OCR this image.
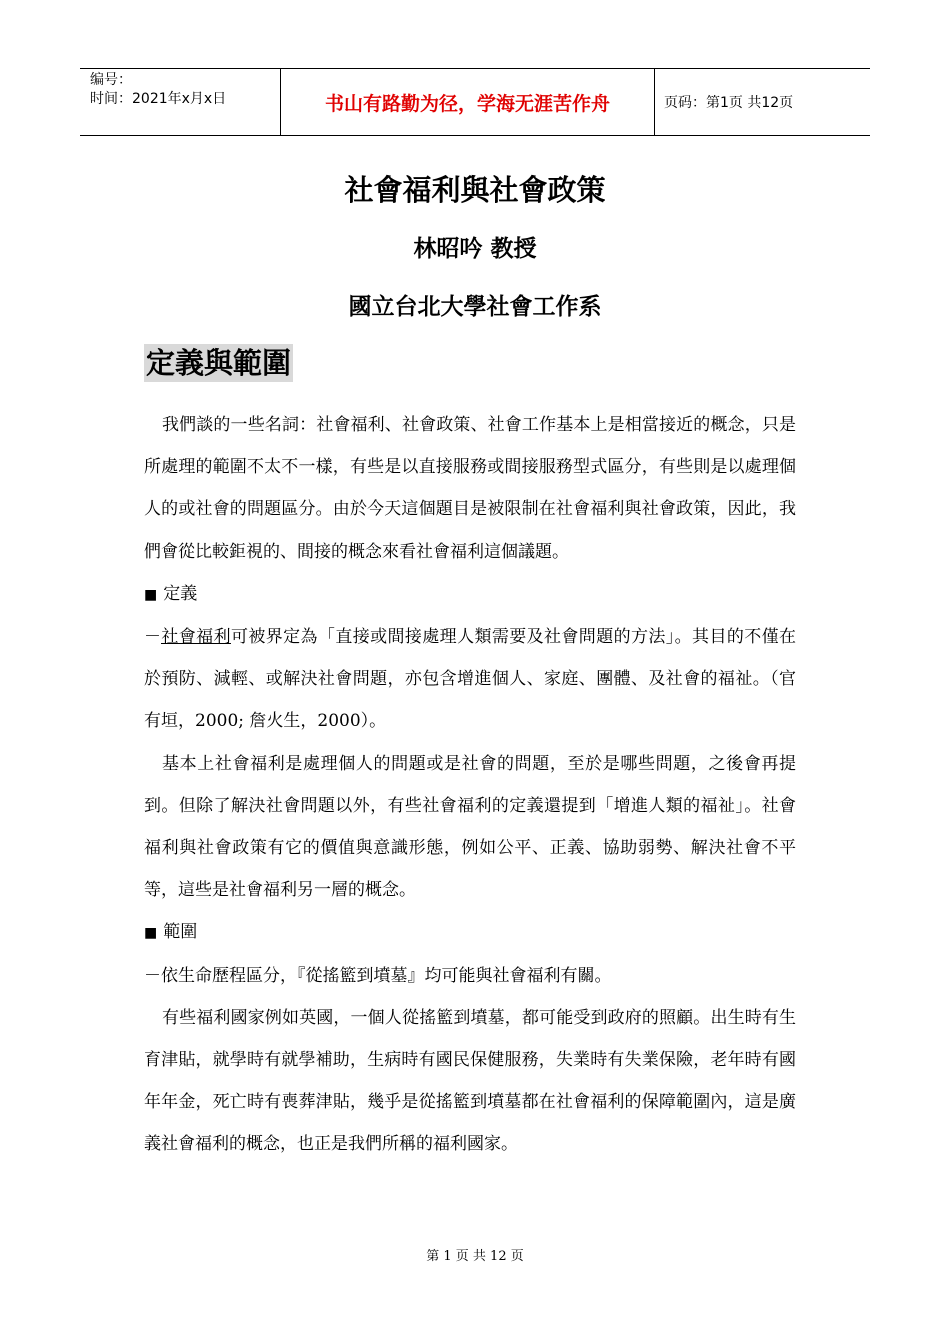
编号：
时间：2021年x月x日	书山有路勤为径，学海无涯苦作舟	页码：第1页 共12页
社會福利與社會政策
林昭吟 教授
國立台北大學社會工作系
定義與範圍

我們談的一些名詞：社會福利、社會政策、社會工作基本上是相當接近的概念，只是所處理的範圍不太不一樣，有些是以直接服務或間接服務型式區分，有些則是以處理個人的或社會的問題區分。由於今天這個題目是被限制在社會福利與社會政策，因此，我們會從比較鉅視的、間接的概念來看社會福利這個議題。

■ 定義

－社會福利可被界定為「直接或間接處理人類需要及社會問題的方法」。其目的不僅在於預防、減輕、或解決社會問題，亦包含增進個人、家庭、團體、及社會的福祉。（官有垣，2000; 詹火生，2000）。

基本上社會福利是處理個人的問題或是社會的問題，至於是哪些問題，之後會再提到。但除了解決社會問題以外，有些社會福利的定義還提到「增進人類的福祉」。社會福利與社會政策有它的價值與意識形態，例如公平、正義、協助弱勢、解決社會不平等，這些是社會福利另一層的概念。

■ 範圍

－依生命歷程區分，『從搖籃到墳墓』均可能與社會福利有關。

有些福利國家例如英國，一個人從搖籃到墳墓，都可能受到政府的照顧。出生時有生育津貼，就學時有就學補助，生病時有國民保健服務，失業時有失業保險，老年時有國年年金，死亡時有喪葬津貼，幾乎是從搖籃到墳墓都在社會福利的保障範圍內，這是廣義社會福利的概念，也正是我們所稱的福利國家。

第 1 页 共 12 页
